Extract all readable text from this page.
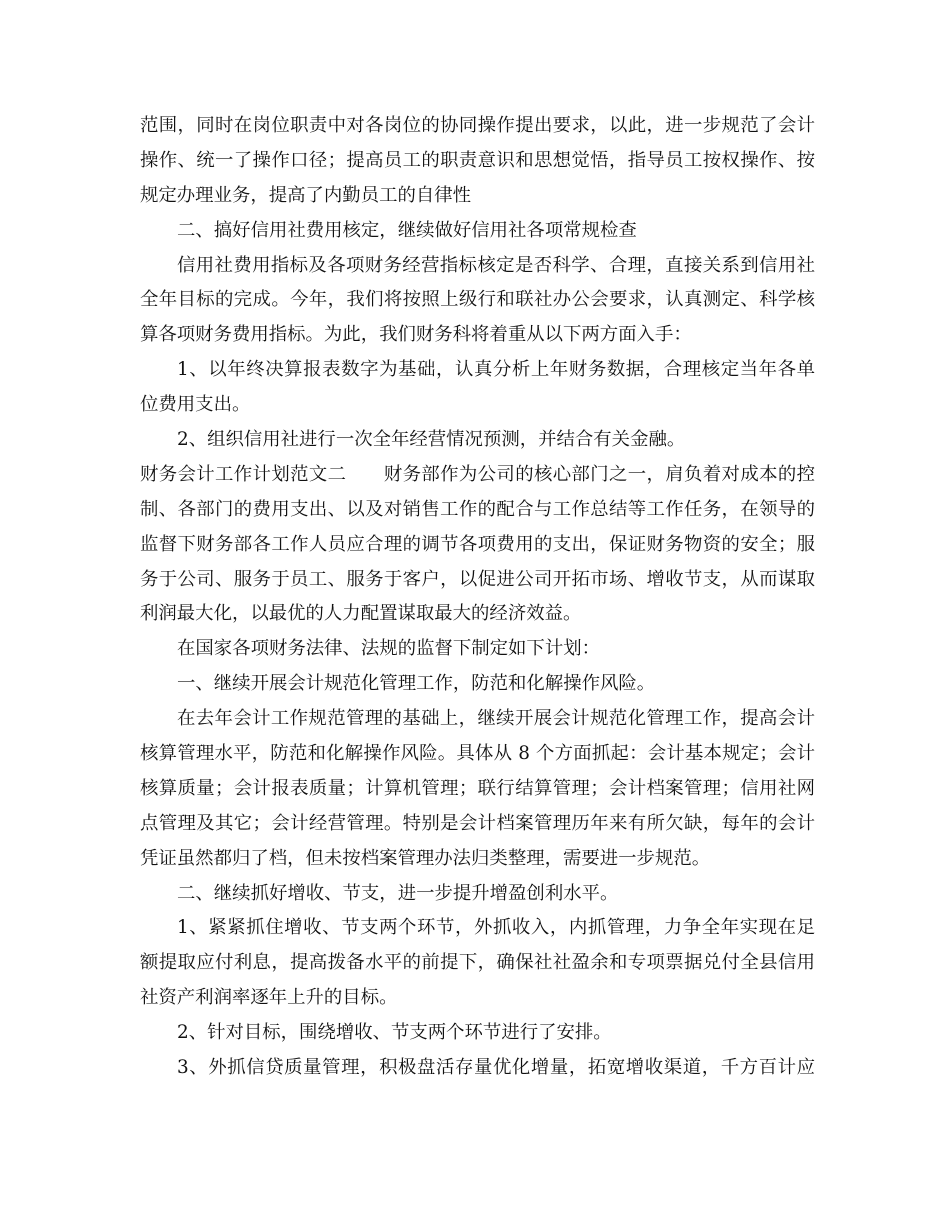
范围，同时在岗位职责中对各岗位的协同操作提出要求，以此，进一步规范了会计
操作、统一了操作口径；提高员工的职责意识和思想觉悟，指导员工按权操作、按
规定办理业务，提高了内勤员工的自律性
二、搞好信用社费用核定，继续做好信用社各项常规检查
信用社费用指标及各项财务经营指标核定是否科学、合理，直接关系到信用社
全年目标的完成。今年，我们将按照上级行和联社办公会要求，认真测定、科学核
算各项财务费用指标。为此，我们财务科将着重从以下两方面入手：
1、以年终决算报表数字为基础，认真分析上年财务数据，合理核定当年各单
位费用支出。
2、组织信用社进行一次全年经营情况预测，并结合有关金融。
财务会计工作计划范文二　　财务部作为公司的核心部门之一，肩负着对成本的控
制、各部门的费用支出、以及对销售工作的配合与工作总结等工作任务，在领导的
监督下财务部各工作人员应合理的调节各项费用的支出，保证财务物资的安全；服
务于公司、服务于员工、服务于客户，以促进公司开拓市场、增收节支，从而谋取
利润最大化，以最优的人力配置谋取最大的经济效益。
在国家各项财务法律、法规的监督下制定如下计划：
一、继续开展会计规范化管理工作，防范和化解操作风险。
在去年会计工作规范管理的基础上，继续开展会计规范化管理工作，提高会计
核算管理水平，防范和化解操作风险。具体从 8 个方面抓起：会计基本规定；会计
核算质量；会计报表质量；计算机管理；联行结算管理；会计档案管理；信用社网
点管理及其它；会计经营管理。特别是会计档案管理历年来有所欠缺，每年的会计
凭证虽然都归了档，但未按档案管理办法归类整理，需要进一步规范。
二、继续抓好增收、节支，进一步提升增盈创利水平。
1、紧紧抓住增收、节支两个环节，外抓收入，内抓管理，力争全年实现在足
额提取应付利息，提高拨备水平的前提下，确保社社盈余和专项票据兑付全县信用
社资产利润率逐年上升的目标。
2、针对目标，围绕增收、节支两个环节进行了安排。
3、外抓信贷质量管理，积极盘活存量优化增量，拓宽增收渠道，千方百计应
